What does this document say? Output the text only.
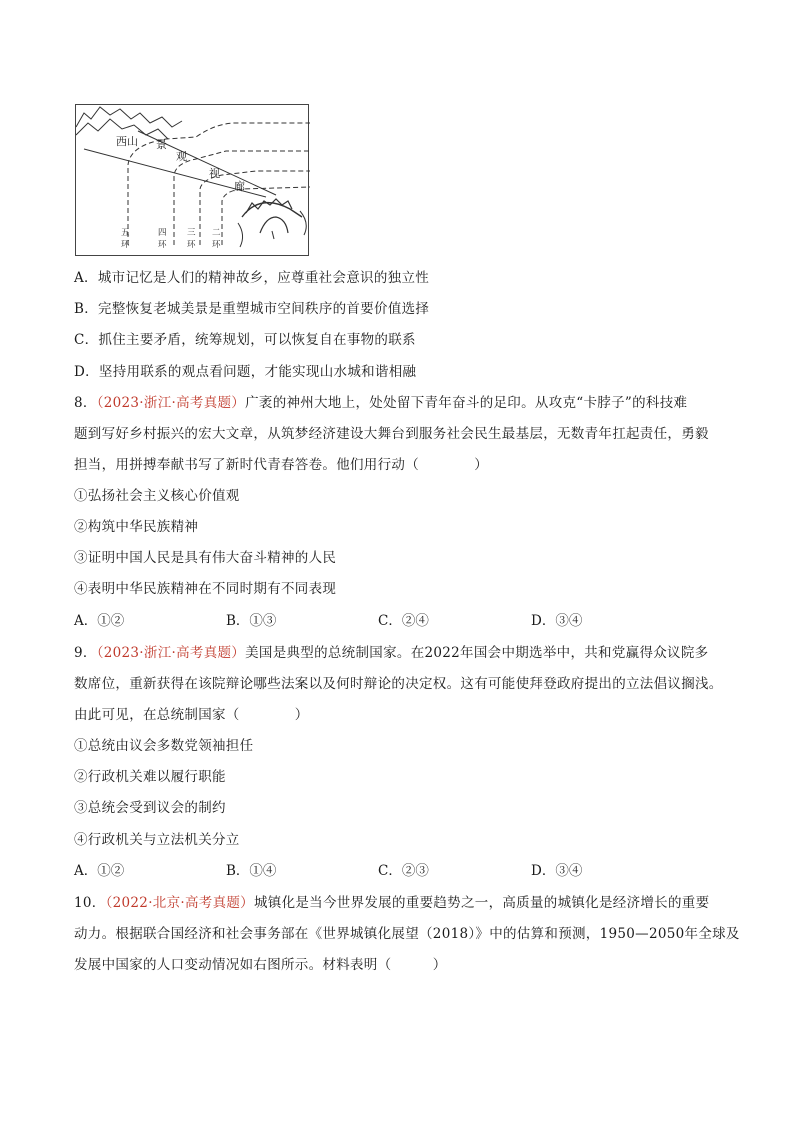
西山 景
观
视
廊
五
环
四
环
三
环
二
环
A．城市记忆是人们的精神故乡，应尊重社会意识的独立性
B．完整恢复老城美景是重塑城市空间秩序的首要价值选择
C．抓住主要矛盾，统筹规划，可以恢复自在事物的联系
D．坚持用联系的观点看问题，才能实现山水城和谐相融
8．（2023·浙江·高考真题）广袤的神州大地上，处处留下青年奋斗的足印。从攻克“卡脖子”的科技难
题到写好乡村振兴的宏大文章，从筑梦经济建设大舞台到服务社会民生最基层，无数青年扛起责任，勇毅
担当，用拼搏奉献书写了新时代青春答卷。他们用行动（　　　　）
①弘扬社会主义核心价值观
②构筑中华民族精神
③证明中国人民是具有伟大奋斗精神的人民
④表明中华民族精神在不同时期有不同表现
A．①②	B．①③	C．②④	D．③④
9．（2023·浙江·高考真题）美国是典型的总统制国家。在2022年国会中期选举中，共和党赢得众议院多
数席位，重新获得在该院辩论哪些法案以及何时辩论的决定权。这有可能使拜登政府提出的立法倡议搁浅。
由此可见，在总统制国家（　　　　）
①总统由议会多数党领袖担任
②行政机关难以履行职能
③总统会受到议会的制约
④行政机关与立法机关分立
A．①②	B．①④	C．②③	D．③④
10．（2022·北京·高考真题）城镇化是当今世界发展的重要趋势之一，高质量的城镇化是经济增长的重要
动力。根据联合国经济和社会事务部在《世界城镇化展望（2018）》中的估算和预测，1950—2050年全球及
发展中国家的人口变动情况如右图所示。材料表明（　　　）
